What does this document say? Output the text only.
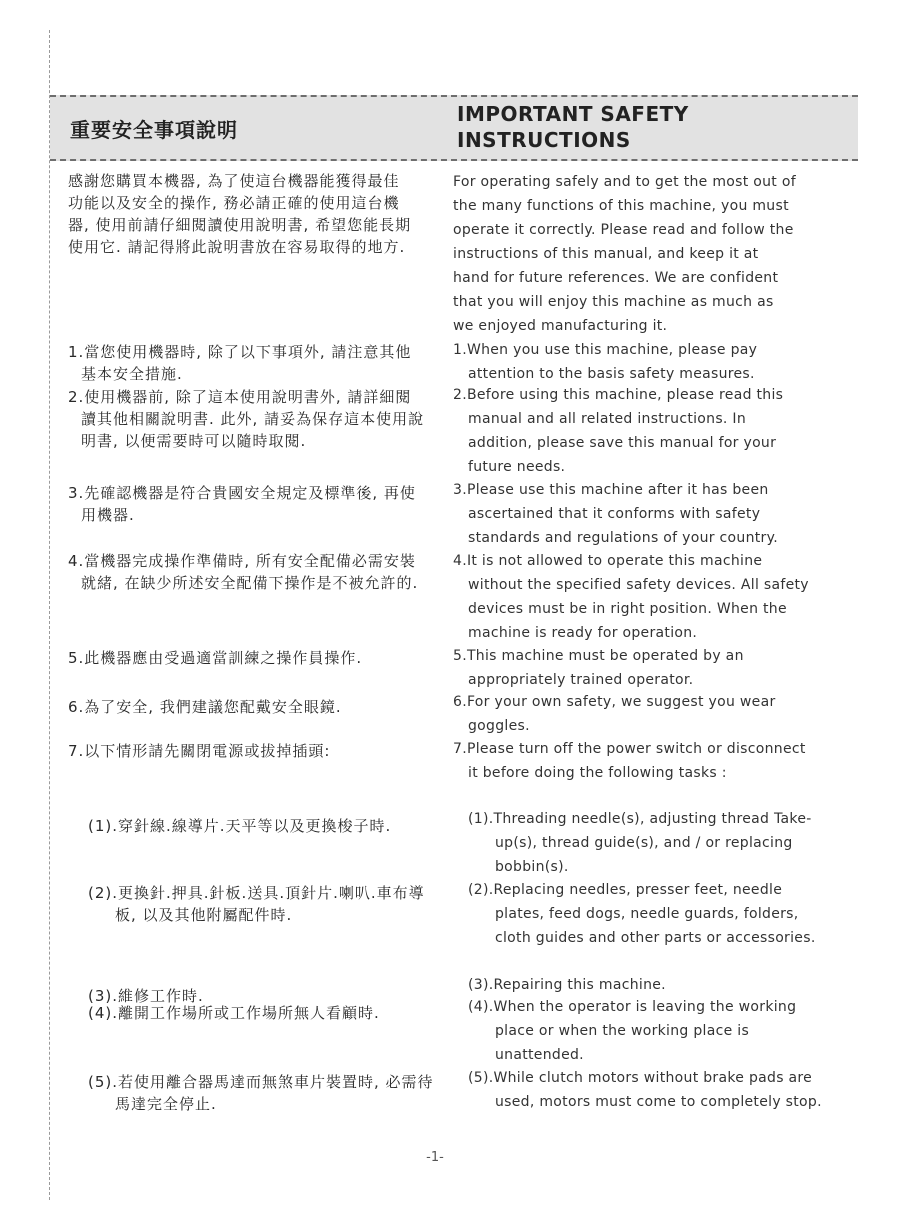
重要安全事項說明
IMPORTANT SAFETY INSTRUCTIONS

感謝您購買本機器, 為了使這台機器能獲得最佳功能以及安全的操作, 務必請正確的使用這台機器, 使用前請仔細閱讀使用說明書, 希望您能長期使用它. 請記得將此說明書放在容易取得的地方.

For operating safely and to get the most out of the many functions of this machine, you must operate it correctly. Please read and follow the instructions of this manual, and keep it at hand for future references. We are confident that you will enjoy this machine as much as we enjoyed manufacturing it.

1.當您使用機器時, 除了以下事項外, 請注意其他基本安全措施.

1.When you use this machine, please pay attention to the basis safety measures.

2.使用機器前, 除了這本使用說明書外, 請詳細閱讀其他相關說明書. 此外, 請妥為保存這本使用說明書, 以便需要時可以隨時取閱.

2.Before using this machine, please read this manual and all related instructions. In addition, please save this manual for your future needs.

3.先確認機器是符合貴國安全規定及標準後, 再使用機器.

3.Please use this machine after it has been ascertained that it conforms with safety standards and regulations of your country.

4.當機器完成操作準備時, 所有安全配備必需安裝就緒, 在缺少所述安全配備下操作是不被允許的.

4.It is not allowed to operate this machine without the specified safety devices. All safety devices must be in right position. When the machine is ready for operation.

5.此機器應由受過適當訓練之操作員操作.	5.This machine must be operated by an appropriately trained operator.

6.為了安全, 我們建議您配戴安全眼鏡.	6.For your own safety, we suggest you wear goggles.

7.以下情形請先關閉電源或拔掉插頭:	7.Please turn off the power switch or disconnect it before doing the following tasks :

(1).穿針線.線導片.天平等以及更換梭子時.	(1).Threading needle(s), adjusting thread Take-up(s), thread guide(s), and / or replacing bobbin(s).

(2).更換針.押具.針板.送具.頂針片.喇叭.車布導板, 以及其他附屬配件時.

(2).Replacing needles, presser feet, needle plates, feed dogs, needle guards, folders, cloth guides and other parts or accessories.

(3).維修工作時.

(3).Repairing this machine.

(4).離開工作場所或工作場所無人看顧時.	(4).When the operator is leaving the working place or when the working place is unattended.

(5).若使用離合器馬達而無煞車片裝置時, 必需待馬達完全停止.

(5).While clutch motors without brake pads are used, motors must come to completely stop.

-1-
